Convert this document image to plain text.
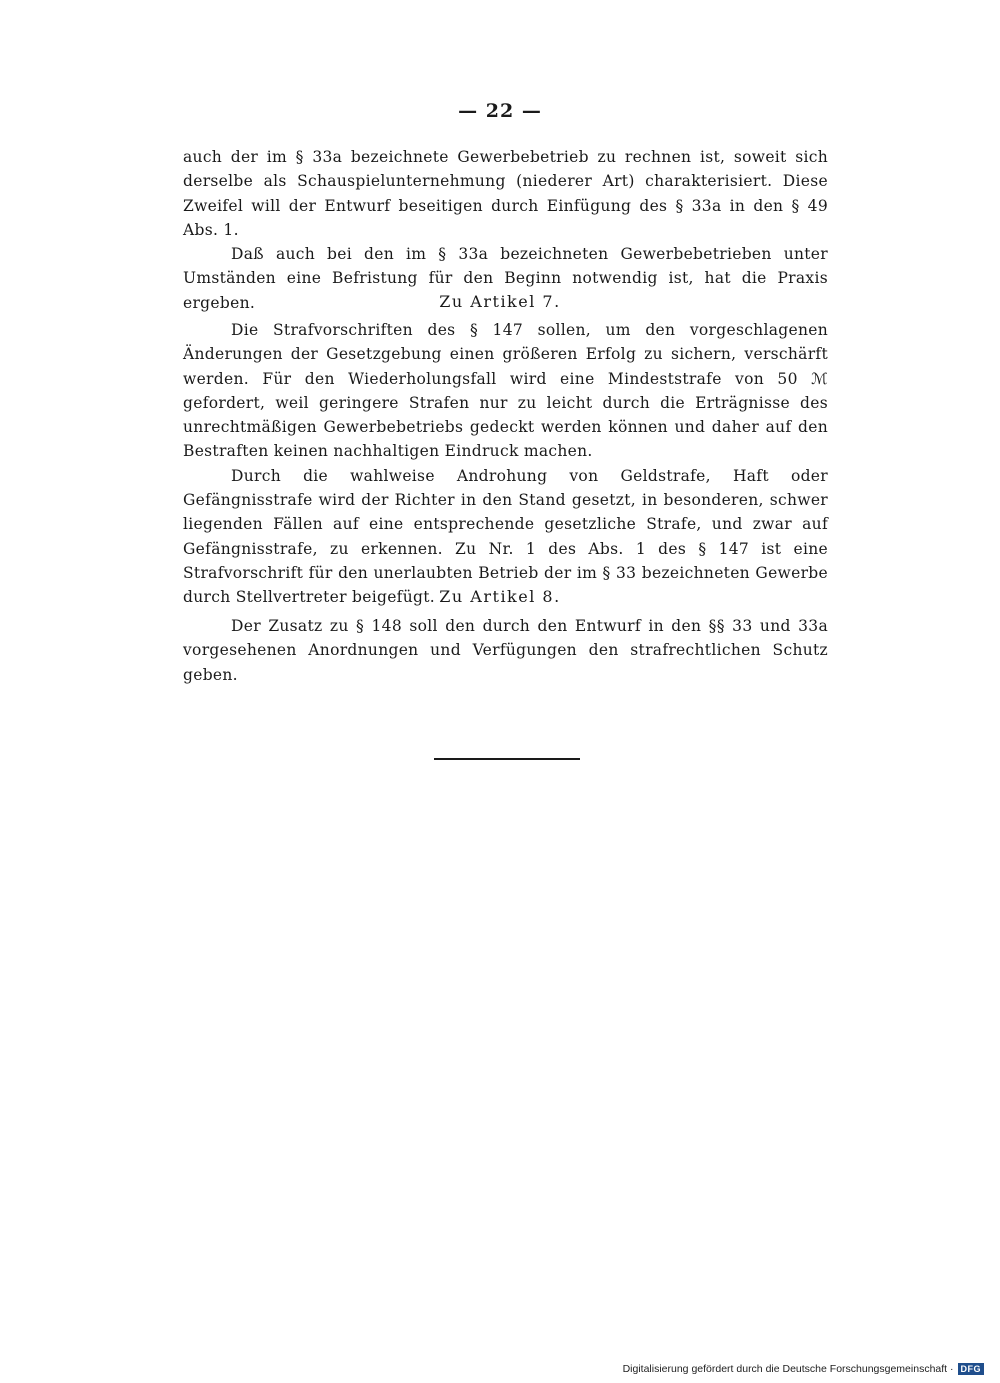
— 22 —

auch der im § 33a bezeichnete Gewerbebetrieb zu rechnen ist, soweit sich derselbe als Schauspielunternehmung (niederer Art) charakterisiert. Diese Zweifel will der Entwurf beseitigen durch Einfügung des § 33a in den § 49 Abs. 1.

Daß auch bei den im § 33a bezeichneten Gewerbebetrieben unter Umständen eine Befristung für den Beginn notwendig ist, hat die Praxis ergeben.	Zu Artikel 7.

Die Strafvorschriften des § 147 sollen, um den vorgeschlagenen Änderungen der Gesetzgebung einen größeren Erfolg zu sichern, verschärft werden. Für den Wiederholungsfall wird eine Mindeststrafe von 50 ℳ gefordert, weil geringere Strafen nur zu leicht durch die Erträgnisse des unrechtmäßigen Gewerbebetriebs gedeckt werden können und daher auf den Bestraften keinen nachhaltigen Eindruck machen.

Durch die wahlweise Androhung von Geldstrafe, Haft oder Gefängnisstrafe wird der Richter in den Stand gesetzt, in besonderen, schwer liegenden Fällen auf eine entsprechende gesetzliche Strafe, und zwar auf Gefängnisstrafe, zu erkennen. Zu Nr. 1 des Abs. 1 des § 147 ist eine Strafvorschrift für den unerlaubten Betrieb der im § 33 bezeichneten Gewerbe durch Stellvertreter beigefügt. Zu Artikel 8.

Der Zusatz zu § 148 soll den durch den Entwurf in den §§ 33 und 33a vorgesehenen Anordnungen und Verfügungen den strafrechtlichen Schutz geben.

Digitalisierung gefördert durch die Deutsche Forschungsgemeinschaft · DFG
